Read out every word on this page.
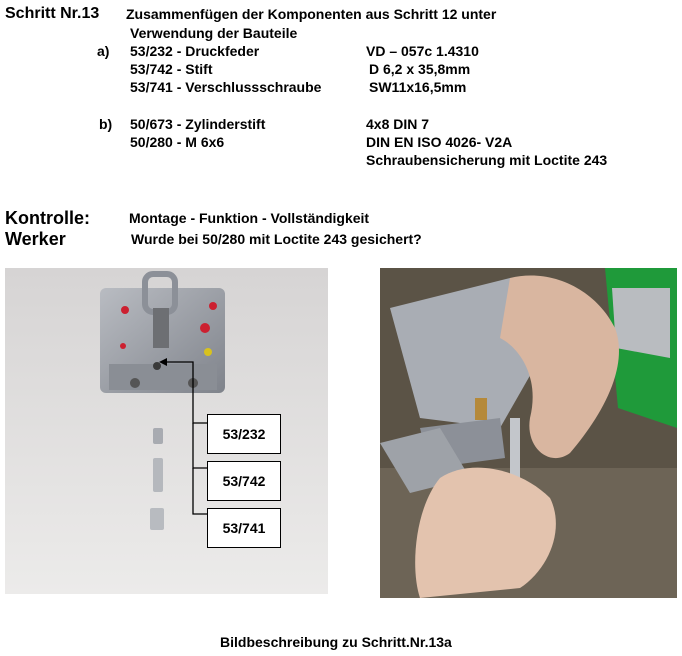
Schritt Nr.13 Zusammenfügen der Komponenten aus Schritt 12 unter
Verwendung der Bauteile
a) 53/232 - Druckfeder	VD – 057c 1.4310
53/742 - Stift	D 6,2 x 35,8mm
53/741 - Verschlussschraube	SW11x16,5mm
b) 50/673 - Zylinderstift	4x8 DIN 7
50/280 - M 6x6	DIN EN ISO 4026- V2A
Schraubensicherung mit Loctite 243
Kontrolle:	Montage - Funktion - Vollständigkeit
Werker	Wurde bei 50/280 mit Loctite 243 gesichert?
53/232
53/742
53/741
Bildbeschreibung zu Schritt.Nr.13a
